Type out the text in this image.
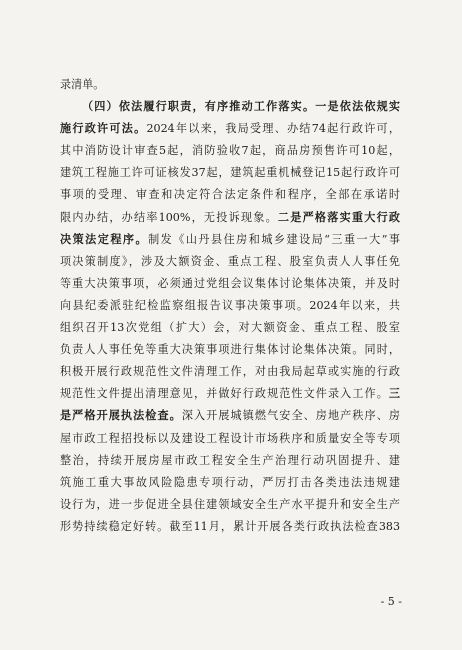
录清单。
（四）依法履行职责，有序推动工作落实。一是依法依规实
施行政许可法。2024年以来，我局受理、办结74起行政许可，
其中消防设计审查5起，消防验收7起，商品房预售许可10起，
建筑工程施工许可证核发37起，建筑起重机械登记15起行政许可
事项的受理、审查和决定符合法定条件和程序，全部在承诺时
限内办结，办结率100%，无投诉现象。二是严格落实重大行政
决策法定程序。制发《山丹县住房和城乡建设局“三重一大”事
项决策制度》，涉及大额资金、重点工程、股室负责人人事任免
等重大决策事项，必须通过党组会议集体讨论集体决策，并及时
向县纪委派驻纪检监察组报告议事决策事项。2024年以来，共
组织召开13次党组（扩大）会，对大额资金、重点工程、股室
负责人人事任免等重大决策事项进行集体讨论集体决策。同时，
积极开展行政规范性文件清理工作，对由我局起草或实施的行政
规范性文件提出清理意见，并做好行政规范性文件录入工作。三
是严格开展执法检查。深入开展城镇燃气安全、房地产秩序、房
屋市政工程招投标以及建设工程设计市场秩序和质量安全等专项
整治，持续开展房屋市政工程安全生产治理行动巩固提升、建
筑施工重大事故风险隐患专项行动，严厉打击各类违法违规建
设行为，进一步促进全县住建领域安全生产水平提升和安全生产
形势持续稳定好转。截至11月，累计开展各类行政执法检查383
- 5 -
